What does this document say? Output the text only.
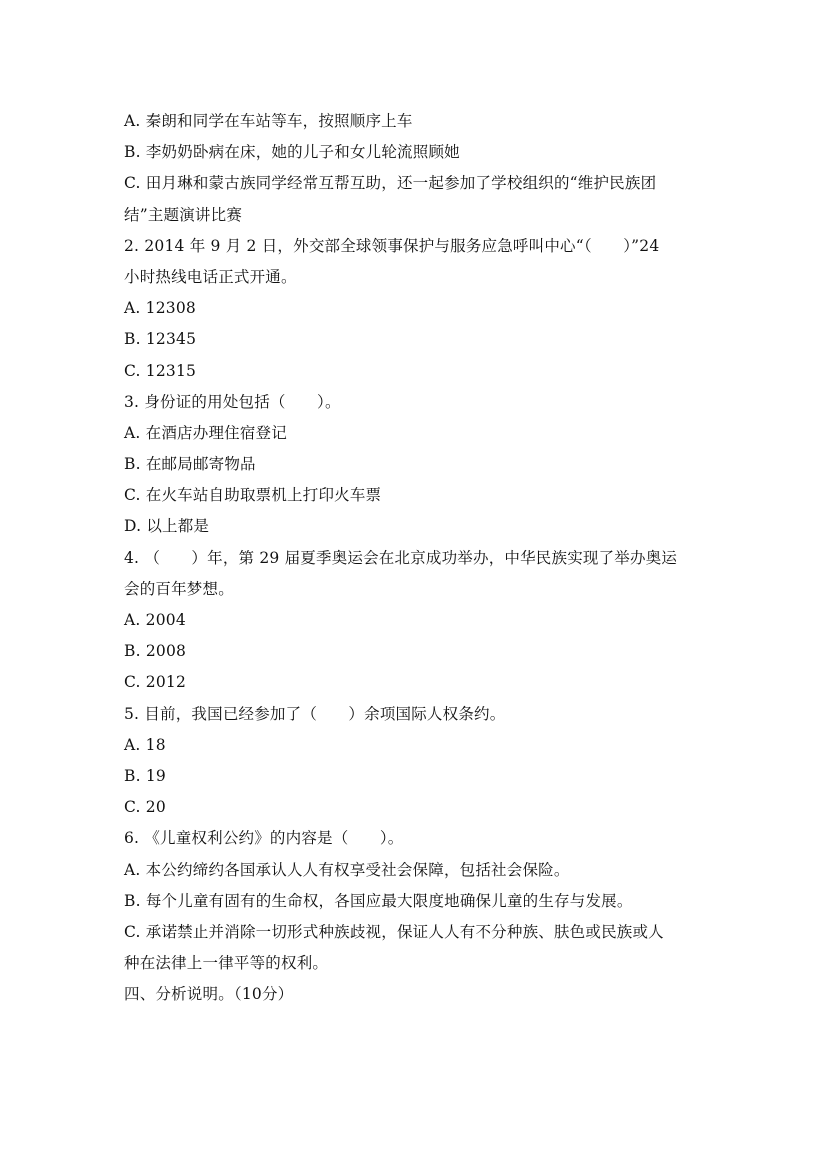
A. 秦朗和同学在车站等车，按照顺序上车
B. 李奶奶卧病在床，她的儿子和女儿轮流照顾她
C. 田月琳和蒙古族同学经常互帮互助，还一起参加了学校组织的“维护民族团
结”主题演讲比赛
2. 2014 年 9 月 2 日，外交部全球领事保护与服务应急呼叫中心“（　　）”24
小时热线电话正式开通。
A. 12308
B. 12345
C. 12315
3. 身份证的用处包括（　　）。
A. 在酒店办理住宿登记
B. 在邮局邮寄物品
C. 在火车站自助取票机上打印火车票
D. 以上都是
4. （　　）年，第 29 届夏季奥运会在北京成功举办，中华民族实现了举办奥运
会的百年梦想。
A. 2004
B. 2008
C. 2012
5. 目前，我国已经参加了（　　）余项国际人权条约。
A. 18
B. 19
C. 20
6. 《儿童权利公约》的内容是（　　）。
A. 本公约缔约各国承认人人有权享受社会保障，包括社会保险。
B. 每个儿童有固有的生命权，各国应最大限度地确保儿童的生存与发展。
C. 承诺禁止并消除一切形式种族歧视，保证人人有不分种族、肤色或民族或人
种在法律上一律平等的权利。
四、分析说明。（10分）
